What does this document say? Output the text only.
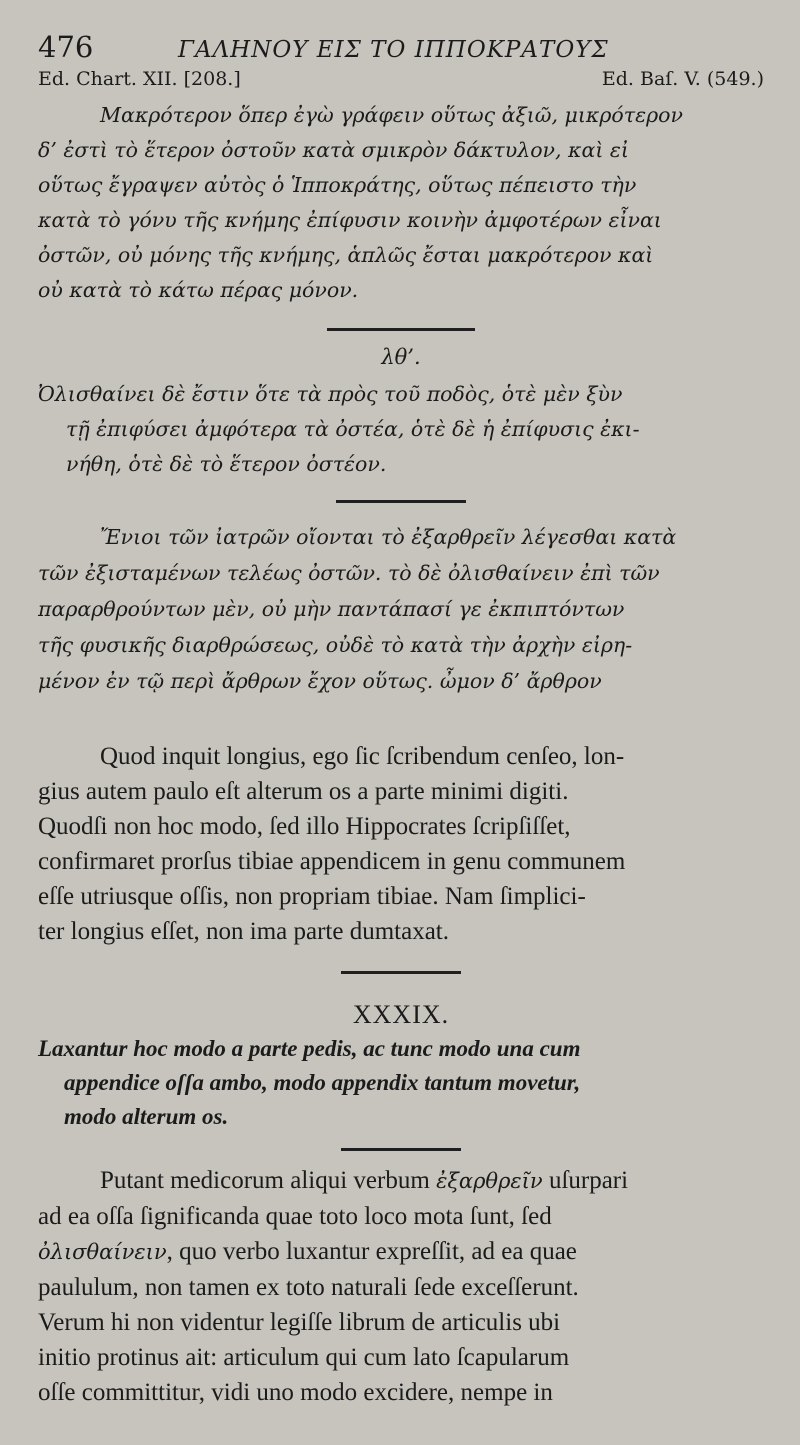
476	ΓΑΛΗΝΟΥ ΕΙΣ ΤΟ ΙΠΠΟΚΡΑΤΟΥΣ
Ed. Chart. XII. [208.]	Ed. Baſ. V. (549.)
Μακρότερον ὅπερ ἐγὼ γράφειν οὕτως ἀξιῶ, μικρότερον
δ’ ἐστὶ τὸ ἕτερον ὀστοῦν κατὰ σμικρὸν δάκτυλον, καὶ εἰ
οὕτως ἔγραψεν αὐτὸς ὁ Ἱπποκράτης, οὕτως πέπειστο τὴν
κατὰ τὸ γόνυ τῆς κνήμης ἐπίφυσιν κοινὴν ἀμφοτέρων εἶναι
ὀστῶν, οὐ μόνης τῆς κνήμης, ἁπλῶς ἔσται μακρότερον καὶ
οὐ κατὰ τὸ κάτω πέρας μόνον.
λθ’.
Ὀλισθαίνει δὲ ἔστιν ὅτε τὰ πρὸς τοῦ ποδὸς, ὁτὲ μὲν ξὺν
τῇ ἐπιφύσει ἀμφότερα τὰ ὀστέα, ὁτὲ δὲ ἡ ἐπίφυσις ἐκι-
νήθη, ὁτὲ δὲ τὸ ἕτερον ὀστέον.
Ἔνιοι τῶν ἰατρῶν οἴονται τὸ ἐξαρθρεῖν λέγεσθαι κατὰ
τῶν ἐξισταμένων τελέως ὀστῶν. τὸ δὲ ὀλισθαίνειν ἐπὶ τῶν
παραρθρούντων μὲν, οὐ μὴν παντάπασί γε ἐκπιπτόντων
τῆς φυσικῆς διαρθρώσεως, οὐδὲ τὸ κατὰ τὴν ἀρχὴν εἰρη-
μένον ἐν τῷ περὶ ἄρθρων ἔχον οὕτως. ὦμον δ’ ἄρθρον
Quod inquit longius, ego ſic ſcribendum cenſeo, lon-
gius autem paulo eſt alterum os a parte minimi digiti.
Quodſi non hoc modo, ſed illo Hippocrates ſcripſiſſet,
confirmaret prorſus tibiae appendicem in genu communem
eſſe utriusque oſſis, non propriam tibiae. Nam ſimplici-
ter longius eſſet, non ima parte dumtaxat.
XXXIX.
Laxantur hoc modo a parte pedis, ac tunc modo una cum
appendice oſſa ambo, modo appendix tantum movetur,
modo alterum os.
Putant medicorum aliqui verbum ἐξαρθρεῖν uſurpari
ad ea oſſa ſignificanda quae toto loco mota ſunt, ſed
ὀλισθαίνειν, quo verbo luxantur expreſſit, ad ea quae
paululum, non tamen ex toto naturali ſede exceſſerunt.
Verum hi non videntur legiſſe librum de articulis ubi
initio protinus ait: articulum qui cum lato ſcapularum
oſſe committitur, vidi uno modo excidere, nempe in
